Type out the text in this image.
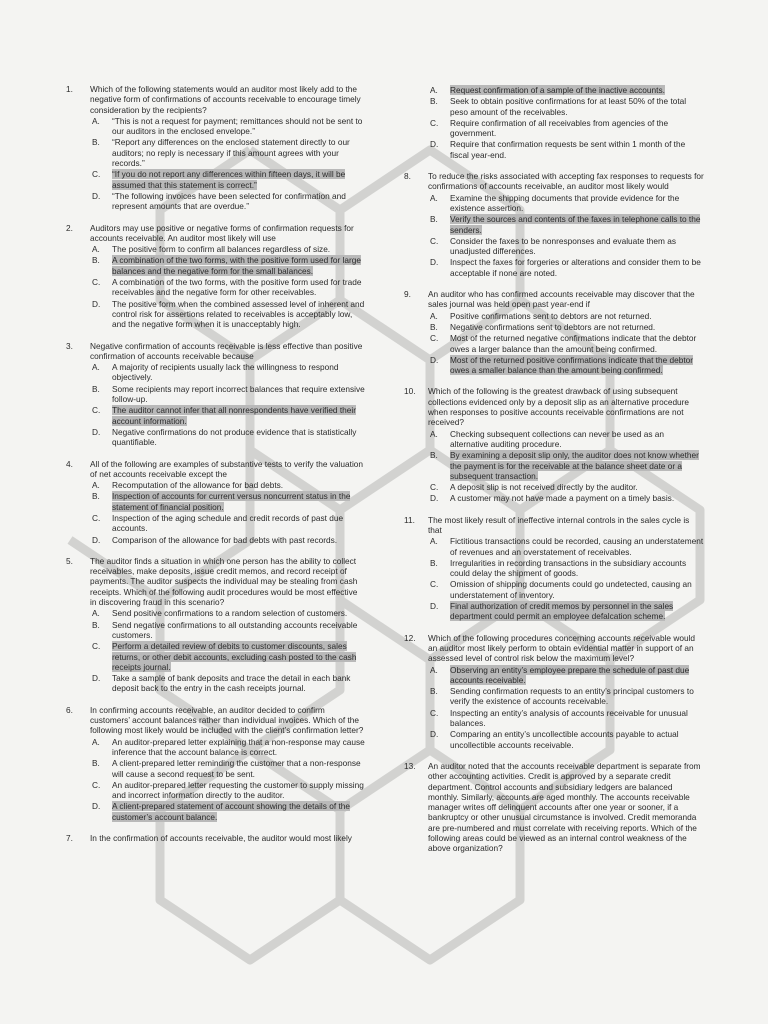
1.	Which of the following statements would an auditor most likely add to the negative form of confirmations of accounts receivable to encourage timely consideration by the recipients?
A. “This is not a request for payment; remittances should not be sent to our auditors in the enclosed envelope.”
B. “Report any differences on the enclosed statement directly to our auditors; no reply is necessary if this amount agrees with your records.”
C. “If you do not report any differences within fifteen days, it will be assumed that this statement is correct.”
D. “The following invoices have been selected for confirmation and represent amounts that are overdue.”
2.	Auditors may use positive or negative forms of confirmation requests for accounts receivable. An auditor most likely will use
A. The positive form to confirm all balances regardless of size.
B. A combination of the two forms, with the positive form used for large balances and the negative form for the small balances.
C. A combination of the two forms, with the positive form used for trade receivables and the negative form for other receivables.
D. The positive form when the combined assessed level of inherent and control risk for assertions related to receivables is acceptably low, and the negative form when it is unacceptably high.
3.	Negative confirmation of accounts receivable is less effective than positive confirmation of accounts receivable because
A. A majority of recipients usually lack the willingness to respond objectively.
B. Some recipients may report incorrect balances that require extensive follow-up.
C. The auditor cannot infer that all nonrespondents have verified their account information.
D. Negative confirmations do not produce evidence that is statistically quantifiable.
4.	All of the following are examples of substantive tests to verify the valuation of net accounts receivable except the
A. Recomputation of the allowance for bad debts.
B. Inspection of accounts for current versus noncurrent status in the statement of financial position.
C. Inspection of the aging schedule and credit records of past due accounts.
D. Comparison of the allowance for bad debts with past records.
5.	The auditor finds a situation in which one person has the ability to collect receivables, make deposits, issue credit memos, and record receipt of payments. The auditor suspects the individual may be stealing from cash receipts. Which of the following audit procedures would be most effective in discovering fraud in this scenario?
A. Send positive confirmations to a random selection of customers.
B. Send negative confirmations to all outstanding accounts receivable customers.
C. Perform a detailed review of debits to customer discounts, sales returns, or other debit accounts, excluding cash posted to the cash receipts journal.
D. Take a sample of bank deposits and trace the detail in each bank deposit back to the entry in the cash receipts journal.
6.	In confirming accounts receivable, an auditor decided to confirm customers’ account balances rather than individual invoices. Which of the following most likely would be included with the client’s confirmation letter?
A. An auditor-prepared letter explaining that a non-response may cause inference that the account balance is correct.
B. A client-prepared letter reminding the customer that a non-response will cause a second request to be sent.
C. An auditor-prepared letter requesting the customer to supply missing and incorrect information directly to the auditor.
D. A client-prepared statement of account showing the details of the customer’s account balance.
7.	In the confirmation of accounts receivable, the auditor would most likely
A. Request confirmation of a sample of the inactive accounts.
B. Seek to obtain positive confirmations for at least 50% of the total peso amount of the receivables.
C. Require confirmation of all receivables from agencies of the government.
D. Require that confirmation requests be sent within 1 month of the fiscal year-end.
8.	To reduce the risks associated with accepting fax responses to requests for confirmations of accounts receivable, an auditor most likely would
A. Examine the shipping documents that provide evidence for the existence assertion.
B. Verify the sources and contents of the faxes in telephone calls to the senders.
C. Consider the faxes to be nonresponses and evaluate them as unadjusted differences.
D. Inspect the faxes for forgeries or alterations and consider them to be acceptable if none are noted.
9.	An auditor who has confirmed accounts receivable may discover that the sales journal was held open past year-end if
A. Positive confirmations sent to debtors are not returned.
B. Negative confirmations sent to debtors are not returned.
C. Most of the returned negative confirmations indicate that the debtor owes a larger balance than the amount being confirmed.
D. Most of the returned positive confirmations indicate that the debtor owes a smaller balance than the amount being confirmed.
10.	Which of the following is the greatest drawback of using subsequent collections evidenced only by a deposit slip as an alternative procedure when responses to positive accounts receivable confirmations are not received?
A. Checking subsequent collections can never be used as an alternative auditing procedure.
B. By examining a deposit slip only, the auditor does not know whether the payment is for the receivable at the balance sheet date or a subsequent transaction.
C. A deposit slip is not received directly by the auditor.
D. A customer may not have made a payment on a timely basis.
11.	The most likely result of ineffective internal controls in the sales cycle is that
A. Fictitious transactions could be recorded, causing an understatement of revenues and an overstatement of receivables.
B. Irregularities in recording transactions in the subsidiary accounts could delay the shipment of goods.
C. Omission of shipping documents could go undetected, causing an understatement of inventory.
D. Final authorization of credit memos by personnel in the sales department could permit an employee defalcation scheme.
12.	Which of the following procedures concerning accounts receivable would an auditor most likely perform to obtain evidential matter in support of an assessed level of control risk below the maximum level?
A. Observing an entity’s employee prepare the schedule of past due accounts receivable.
B. Sending confirmation requests to an entity’s principal customers to verify the existence of accounts receivable.
C. Inspecting an entity’s analysis of accounts receivable for unusual balances.
D. Comparing an entity’s uncollectible accounts payable to actual uncollectible accounts receivable.
13.	An auditor noted that the accounts receivable department is separate from other accounting activities. Credit is approved by a separate credit department. Control accounts and subsidiary ledgers are balanced monthly. Similarly, accounts are aged monthly. The accounts receivable manager writes off delinquent accounts after one year or sooner, if a bankruptcy or other unusual circumstance is involved. Credit memoranda are pre-numbered and must correlate with receiving reports. Which of the following areas could be viewed as an internal control weakness of the above organization?
